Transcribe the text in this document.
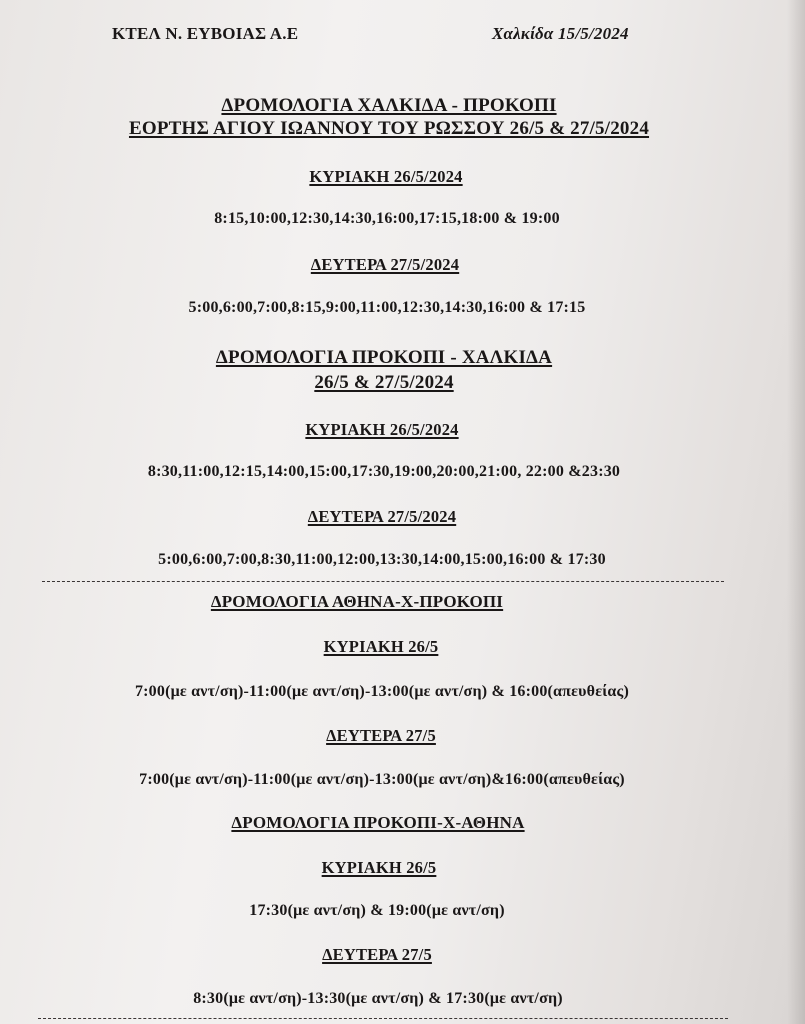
ΚΤΕΛ Ν. ΕΥΒΟΙΑΣ Α.Ε	Χαλκίδα 15/5/2024
ΔΡΟΜΟΛΟΓΙΑ ΧΑΛΚΙΔΑ - ΠΡΟΚΟΠΙ
ΕΟΡΤΗΣ ΑΓΙΟΥ ΙΩΑΝΝΟΥ ΤΟΥ ΡΩΣΣΟΥ 26/5 & 27/5/2024
ΚΥΡΙΑΚΗ 26/5/2024
8:15,10:00,12:30,14:30,16:00,17:15,18:00 & 19:00
ΔΕΥΤΕΡΑ 27/5/2024
5:00,6:00,7:00,8:15,9:00,11:00,12:30,14:30,16:00 & 17:15
ΔΡΟΜΟΛΟΓΙΑ ΠΡΟΚΟΠΙ - ΧΑΛΚΙΔΑ
26/5 & 27/5/2024
ΚΥΡΙΑΚΗ 26/5/2024
8:30,11:00,12:15,14:00,15:00,17:30,19:00,20:00,21:00, 22:00 &23:30
ΔΕΥΤΕΡΑ 27/5/2024
5:00,6:00,7:00,8:30,11:00,12:00,13:30,14:00,15:00,16:00 & 17:30
ΔΡΟΜΟΛΟΓΙΑ ΑΘΗΝΑ-Χ-ΠΡΟΚΟΠΙ
ΚΥΡΙΑΚΗ 26/5
7:00(με αντ/ση)-11:00(με αντ/ση)-13:00(με αντ/ση) & 16:00(απευθείας)
ΔΕΥΤΕΡΑ 27/5
7:00(με αντ/ση)-11:00(με αντ/ση)-13:00(με αντ/ση)&16:00(απευθείας)
ΔΡΟΜΟΛΟΓΙΑ ΠΡΟΚΟΠΙ-Χ-ΑΘΗΝΑ
ΚΥΡΙΑΚΗ 26/5
17:30(με αντ/ση) & 19:00(με αντ/ση)
ΔΕΥΤΕΡΑ 27/5
8:30(με αντ/ση)-13:30(με αντ/ση) & 17:30(με αντ/ση)
